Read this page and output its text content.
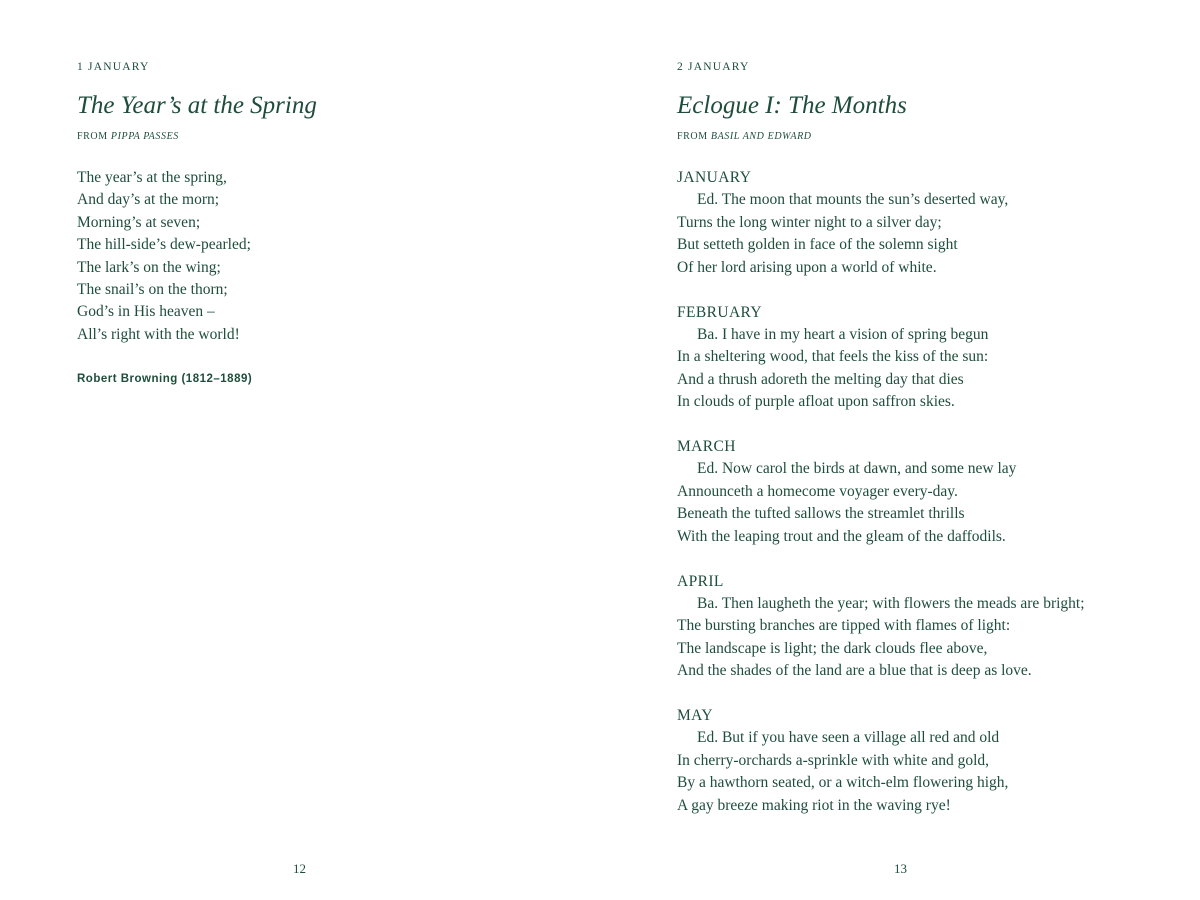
1 JANUARY
The Year’s at the Spring
FROM PIPPA PASSES
The year’s at the spring,
And day’s at the morn;
Morning’s at seven;
The hill-side’s dew-pearled;
The lark’s on the wing;
The snail’s on the thorn;
God’s in His heaven –
All’s right with the world!
Robert Browning (1812–1889)
12
2 JANUARY
Eclogue I: The Months
FROM BASIL AND EDWARD
JANUARY
Ed. The moon that mounts the sun’s deserted way,
Turns the long winter night to a silver day;
But setteth golden in face of the solemn sight
Of her lord arising upon a world of white.
FEBRUARY
Ba. I have in my heart a vision of spring begun
In a sheltering wood, that feels the kiss of the sun:
And a thrush adoreth the melting day that dies
In clouds of purple afloat upon saffron skies.
MARCH
Ed. Now carol the birds at dawn, and some new lay
Announceth a homecome voyager every-day.
Beneath the tufted sallows the streamlet thrills
With the leaping trout and the gleam of the daffodils.
APRIL
Ba. Then laugheth the year; with flowers the meads are bright;
The bursting branches are tipped with flames of light:
The landscape is light; the dark clouds flee above,
And the shades of the land are a blue that is deep as love.
MAY
Ed. But if you have seen a village all red and old
In cherry-orchards a-sprinkle with white and gold,
By a hawthorn seated, or a witch-elm flowering high,
A gay breeze making riot in the waving rye!
13
